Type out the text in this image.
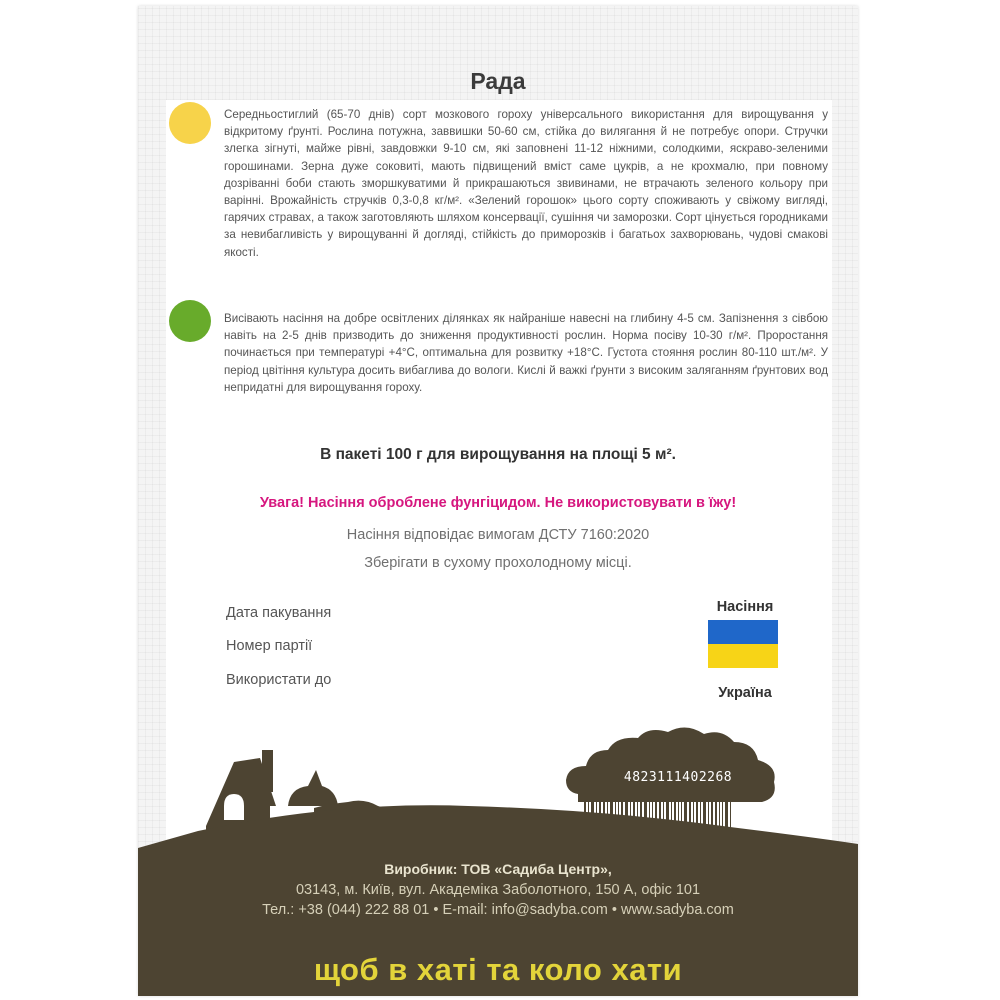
Рада

Середньостиглий (65-70 днів) сорт мозкового гороху універсального використання для вирощування у відкритому ґрунті. Рослина потужна, заввишки 50-60 см, стійка до вилягання й не потребує опори. Стручки злегка зігнуті, майже рівні, завдовжки 9-10 см, які заповнені 11-12 ніжними, солодкими, яскраво-зеленими горошинами. Зерна дуже соковиті, мають підвищений вміст саме цукрів, а не крохмалю, при повному дозріванні боби стають зморшкуватими й прикрашаються звивинами, не втрачають зеленого кольору при варінні. Врожайність стручків 0,3-0,8 кг/м². «Зелений горошок» цього сорту споживають у свіжому вигляді, гарячих стравах, а також заготовляють шляхом консервації, сушіння чи заморозки. Сорт цінується городниками за невибагливість у вирощуванні й догляді, стійкість до приморозків і багатьох захворювань, чудові смакові якості.

Висівають насіння на добре освітлених ділянках як найраніше навесні на глибину 4-5 см. Запізнення з сівбою навіть на 2-5 днів призводить до зниження продуктивності рослин. Норма посіву 10-30 г/м². Проростання починається при температурі +4°С, оптимальна для розвитку +18°С. Густота стояння рослин 80-110 шт./м². У період цвітіння культура досить вибаглива до вологи. Кислі й важкі ґрунти з високим заляганням ґрунтових вод непридатні для вирощування гороху.

В пакеті 100 г для вирощування на площі 5 м².
Увага! Насіння оброблене фунгіцидом. Не використовувати в їжу!
Насіння відповідає вимогам ДСТУ 7160:2020
Зберігати в сухому прохолодному місці.
Дата пакування
Номер партії
Використати до
Насіння
Україна
4823111402268
Виробник: ТОВ «Садиба Центр»,
03143, м. Київ, вул. Академіка Заболотного, 150 А, офіс 101
Тел.: +38 (044) 222 88 01 • E-mail: info@sadyba.com • www.sadyba.com
щоб в хаті та коло хати
